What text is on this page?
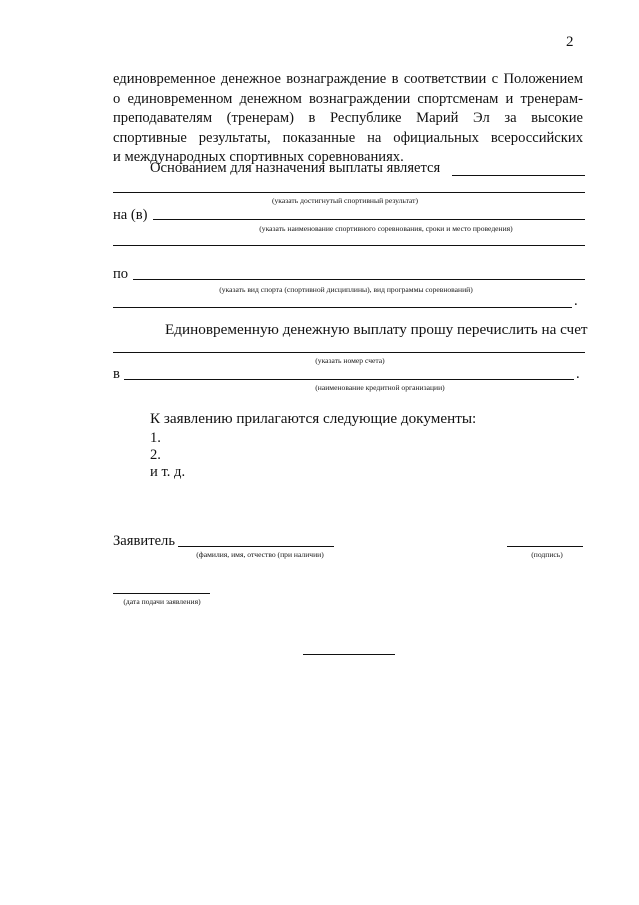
2
единовременное денежное вознаграждение в соответствии с Положением
о единовременном денежном вознаграждении спортсменам и тренерам-
преподавателям (тренерам) в Республике Марий Эл за высокие
спортивные результаты, показанные на официальных всероссийских
и международных спортивных соревнованиях.
Основанием для назначения выплаты является
(указать достигнутый спортивный результат)
на (в)
(указать наименование спортивного соревнования, сроки и место проведения)
по
(указать вид спорта (спортивной дисциплины), вид программы соревнований)
.
Единовременную денежную выплату прошу перечислить на счет
(указать номер счета)
в	.
(наименование кредитной организации)
К заявлению прилагаются следующие документы:
1.
2.
и т. д.
Заявитель
(фамилия, имя, отчество (при наличии)	(подпись)
(дата подачи заявления)
